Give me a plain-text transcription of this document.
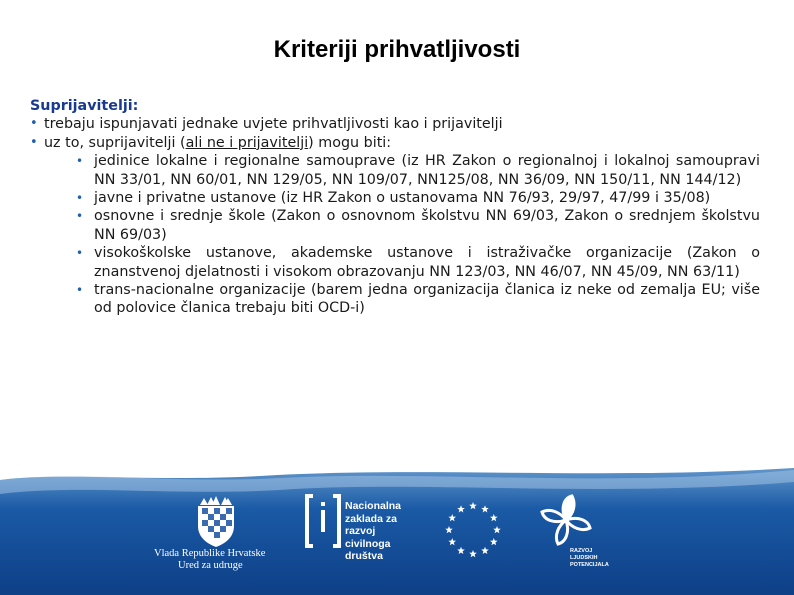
Kriteriji prihvatljivosti
Suprijavitelji:
• trebaju ispunjavati jednake uvjete prihvatljivosti kao i prijavitelji
• uz to, suprijavitelji (ali ne i prijavitelji) mogu biti:

• jedinice lokalne i regionalne samouprave (iz HR Zakon o regionalnoj i lokalnoj samoupravi NN 33/01, NN 60/01, NN 129/05, NN 109/07, NN125/08, NN 36/09, NN 150/11, NN 144/12)

• javne i privatne ustanove (iz HR Zakon o ustanovama NN 76/93, 29/97, 47/99 i 35/08)

• osnovne i srednje škole (Zakon o osnovnom školstvu NN 69/03, Zakon o srednjem školstvu NN 69/03)

• visokoškolske ustanove, akademske ustanove i istraživačke organizacije (Zakon o znanstvenoj djelatnosti i visokom obrazovanju NN 123/03, NN 46/07, NN 45/09, NN 63/11)

• trans-nacionalne organizacije (barem jedna organizacija članica iz neke od zemalja EU; više od polovice članica trebaju biti OCD-i)

Vlada Republike Hrvatske
Ured za udruge
Nacionalna
zaklada za
razvoj
civilnoga
društva	RAZVOJ
LJUDSKIH
POTENCIJALA
